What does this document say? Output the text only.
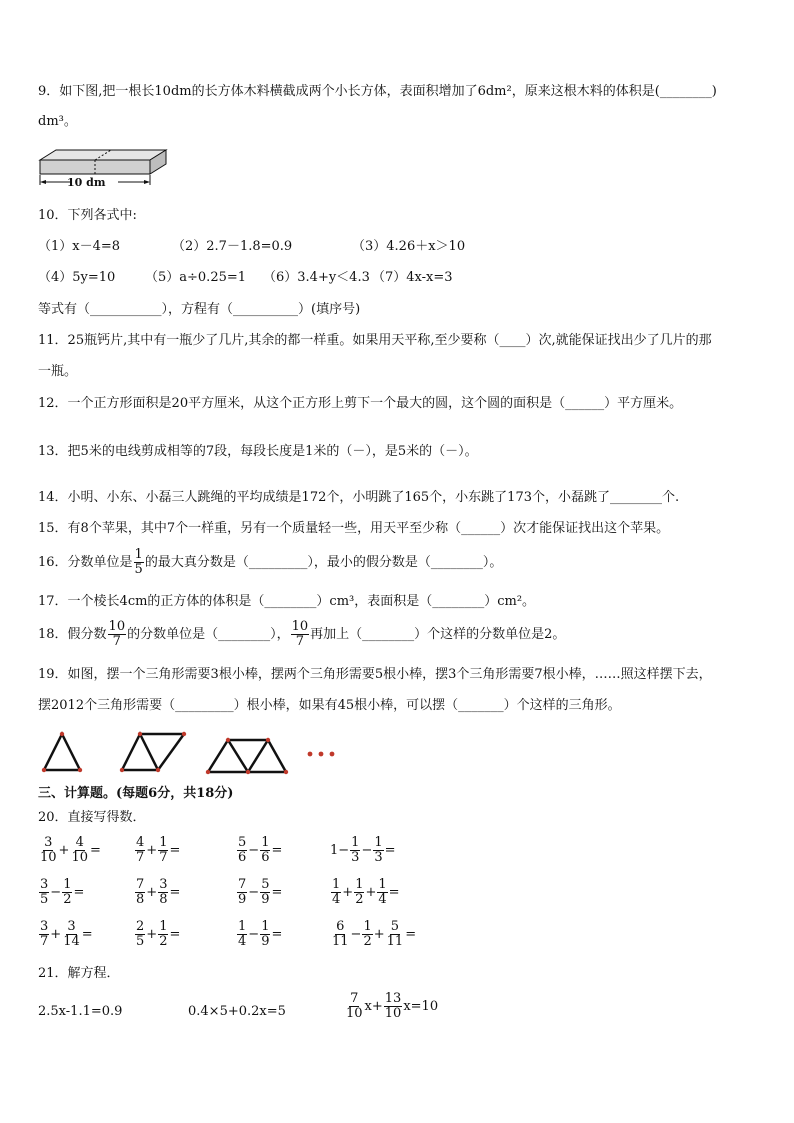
9．如下图,把一根长10dm的长方体木料横截成两个小长方体，表面积增加了6dm²，原来这根木料的体积是(________)
dm³。
10 dm
10．下列各式中:
（1）x－4=8	（2）2.7－1.8=0.9	（3）4.26＋x＞10
（4）5y=10 （5）a÷0.25=1 （6）3.4+y＜4.3 （7）4x-x=3
等式有（___________），方程有（__________）(填序号)
11．25瓶钙片,其中有一瓶少了几片,其余的都一样重。如果用天平称,至少要称（____）次,就能保证找出少了几片的那
一瓶。
12．一个正方形面积是20平方厘米，从这个正方形上剪下一个最大的圆，这个圆的面积是（______）平方厘米。
13．把5米的电线剪成相等的7段，每段长度是1米的（－），是5米的（－）。
14．小明、小东、小磊三人跳绳的平均成绩是172个，小明跳了165个，小东跳了173个，小磊跳了________个.
15．有8个苹果，其中7个一样重，另有一个质量轻一些，用天平至少称（______）次才能保证找出这个苹果。
16．分数单位是 $\frac{1}{5}$ 的最大真分数是（_________），最小的假分数是（________）。
17．一个棱长4cm的正方体的体积是（________）cm³，表面积是（________）cm²。
18．假分数 $\frac{10}{7}$ 的分数单位是（________）， $\frac{10}{7}$ 再加上（________）个这样的分数单位是2。
19．如图，摆一个三角形需要3根小棒，摆两个三角形需要5根小棒，摆3个三角形需要7根小棒，……照这样摆下去，
摆2012个三角形需要（_________）根小棒，如果有45根小棒，可以摆（_______）个这样的三角形。
三、计算题。(每题6分，共18分)
20．直接写得数．
$\frac{3}{10} + \frac{4}{10}$ =	$\frac{4}{7} + \frac{1}{7}$ =	$\frac{5}{6} - \frac{1}{6}$ =	$1- \frac{1}{3} - \frac{1}{3}$ =
$\frac{3}{5} - \frac{1}{2}$ =	$\frac{7}{8} + \frac{3}{8}$ =	$\frac{7}{9} - \frac{5}{9}$ =	$\frac{1}{4} + \frac{1}{2} + \frac{1}{4}$ =
$\frac{3}{7} + \frac{3}{14}$ =	$\frac{2}{5} + \frac{1}{2}$ =	$\frac{1}{4} - \frac{1}{9}$ =	$\frac{6}{11} - \frac{1}{2} + \frac{5}{11}$ =
21．解方程．
2.5x-1.1=0.9	0.4×5+0.2x=5	$\frac{7}{10} x+ \frac{13}{10} x=10$
